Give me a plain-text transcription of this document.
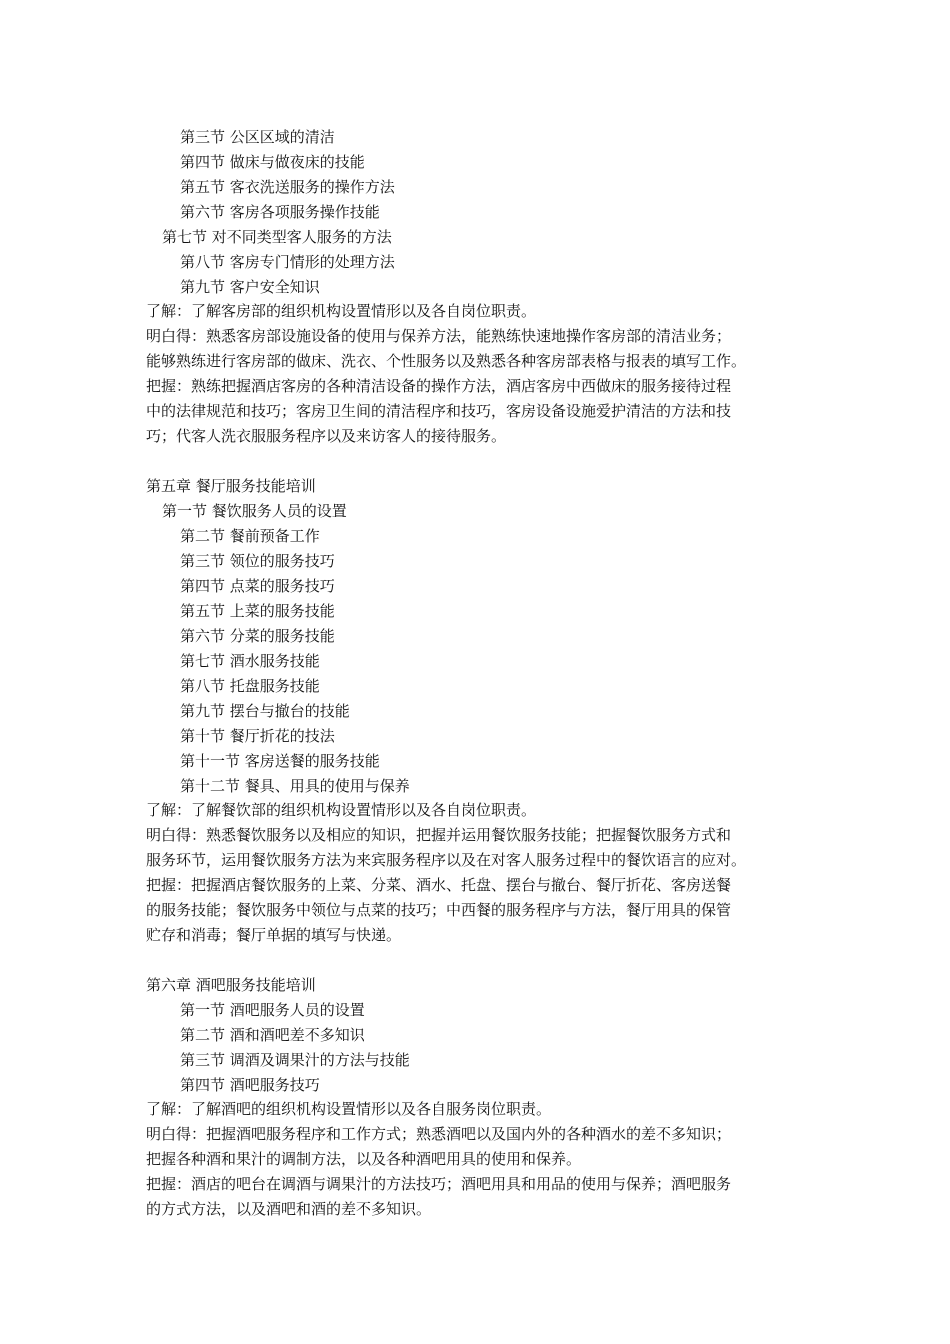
第三节 公区区域的清洁
第四节 做床与做夜床的技能
第五节 客衣洗送服务的操作方法
第六节 客房各项服务操作技能
第七节 对不同类型客人服务的方法
第八节 客房专门情形的处理方法
第九节 客户安全知识
了解：了解客房部的组织机构设置情形以及各自岗位职责。
明白得：熟悉客房部设施设备的使用与保养方法，能熟练快速地操作客房部的清洁业务；
能够熟练进行客房部的做床、洗衣、个性服务以及熟悉各种客房部表格与报表的填写工作。
把握：熟练把握酒店客房的各种清洁设备的操作方法，酒店客房中西做床的服务接待过程
中的法律规范和技巧；客房卫生间的清洁程序和技巧，客房设备设施爱护清洁的方法和技
巧；代客人洗衣服服务程序以及来访客人的接待服务。
第五章 餐厅服务技能培训
第一节 餐饮服务人员的设置
第二节 餐前预备工作
第三节 领位的服务技巧
第四节 点菜的服务技巧
第五节 上菜的服务技能
第六节 分菜的服务技能
第七节 酒水服务技能
第八节 托盘服务技能
第九节 摆台与撤台的技能
第十节 餐厅折花的技法
第十一节 客房送餐的服务技能
第十二节 餐具、用具的使用与保养
了解：了解餐饮部的组织机构设置情形以及各自岗位职责。
明白得：熟悉餐饮服务以及相应的知识，把握并运用餐饮服务技能；把握餐饮服务方式和
服务环节，运用餐饮服务方法为来宾服务程序以及在对客人服务过程中的餐饮语言的应对。
把握：把握酒店餐饮服务的上菜、分菜、酒水、托盘、摆台与撤台、餐厅折花、客房送餐
的服务技能；餐饮服务中领位与点菜的技巧；中西餐的服务程序与方法，餐厅用具的保管
贮存和消毒；餐厅单据的填写与快递。
第六章 酒吧服务技能培训
第一节 酒吧服务人员的设置
第二节 酒和酒吧差不多知识
第三节 调酒及调果汁的方法与技能
第四节 酒吧服务技巧
了解：了解酒吧的组织机构设置情形以及各自服务岗位职责。
明白得：把握酒吧服务程序和工作方式；熟悉酒吧以及国内外的各种酒水的差不多知识；
把握各种酒和果汁的调制方法，以及各种酒吧用具的使用和保养。
把握：酒店的吧台在调酒与调果汁的方法技巧；酒吧用具和用品的使用与保养；酒吧服务
的方式方法，以及酒吧和酒的差不多知识。
